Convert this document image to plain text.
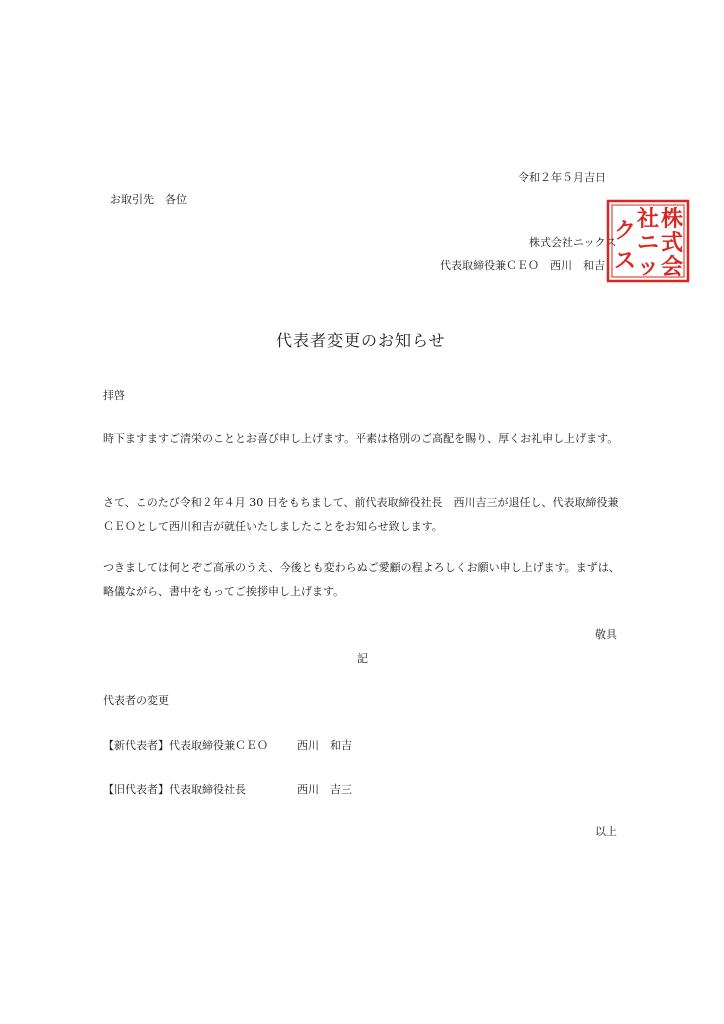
令和２年５月吉日
お取引先　各位
株式会社ニックス
代表取締役兼ＣＥＯ　西川　和吉
株
式
会
社
ニ
ッ
ク
ス
代表者変更のお知らせ
拝啓
時下ますますご清栄のこととお喜び申し上げます。平素は格別のご高配を賜り、厚くお礼申し上げます。
さて、このたび令和２年４月 30 日をもちまして、前代表取締役社長　西川吉三が退任し、代表取締役兼ＣＥＯとして西川和吉が就任いたしましたことをお知らせ致します。
つきましては何とぞご高承のうえ、今後とも変わらぬご愛顧の程よろしくお願い申し上げます。まずは、略儀ながら、書中をもってご挨拶申し上げます。
敬具
記
代表者の変更
【新代表者】代表取締役兼ＣＥＯ	西川　和吉
【旧代表者】代表取締役社長	西川　吉三
以上
